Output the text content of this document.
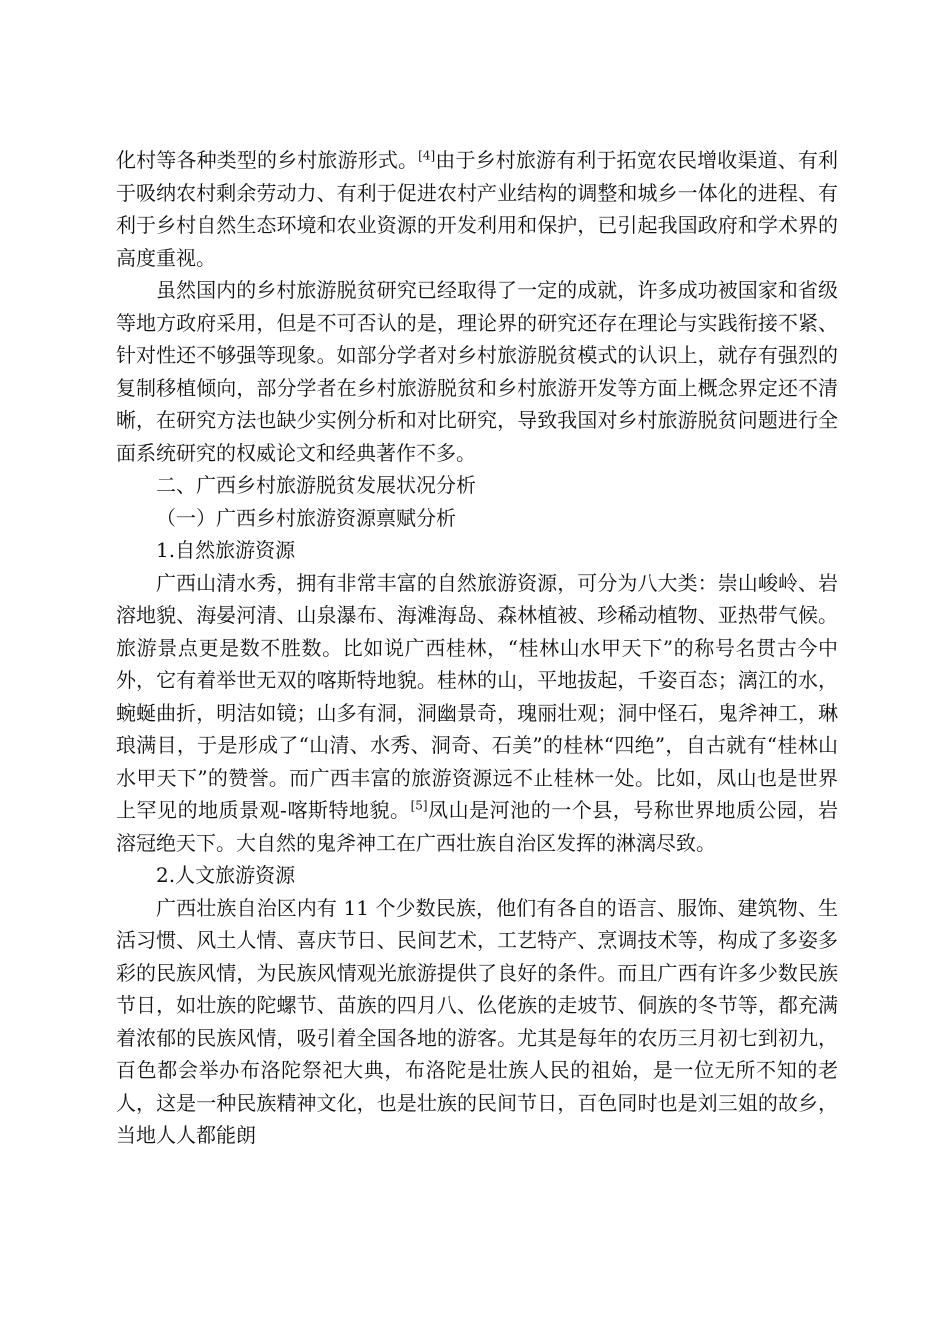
化村等各种类型的乡村旅游形式。[4]由于乡村旅游有利于拓宽农民增收渠道、有利于吸纳农村剩余劳动力、有利于促进农村产业结构的调整和城乡一体化的进程、有利于乡村自然生态环境和农业资源的开发利用和保护，已引起我国政府和学术界的高度重视。

虽然国内的乡村旅游脱贫研究已经取得了一定的成就，许多成功被国家和省级等地方政府采用，但是不可否认的是，理论界的研究还存在理论与实践衔接不紧、针对性还不够强等现象。如部分学者对乡村旅游脱贫模式的认识上，就存有强烈的复制移植倾向，部分学者在乡村旅游脱贫和乡村旅游开发等方面上概念界定还不清晰，在研究方法也缺少实例分析和对比研究，导致我国对乡村旅游脱贫问题进行全面系统研究的权威论文和经典著作不多。

二、广西乡村旅游脱贫发展状况分析

（一）广西乡村旅游资源禀赋分析

1.自然旅游资源

广西山清水秀，拥有非常丰富的自然旅游资源，可分为八大类：崇山峻岭、岩溶地貌、海晏河清、山泉瀑布、海滩海岛、森林植被、珍稀动植物、亚热带气候。旅游景点更是数不胜数。比如说广西桂林，“桂林山水甲天下”的称号名贯古今中外，它有着举世无双的喀斯特地貌。桂林的山，平地拔起，千姿百态；漓江的水，蜿蜒曲折，明洁如镜；山多有洞，洞幽景奇，瑰丽壮观；洞中怪石，鬼斧神工，琳琅满目，于是形成了“山清、水秀、洞奇、石美”的桂林“四绝”，自古就有“桂林山水甲天下”的赞誉。而广西丰富的旅游资源远不止桂林一处。比如，凤山也是世界上罕见的地质景观-喀斯特地貌。[5]凤山是河池的一个县，号称世界地质公园，岩溶冠绝天下。大自然的鬼斧神工在广西壮族自治区发挥的淋漓尽致。

2.人文旅游资源

广西壮族自治区内有 11 个少数民族，他们有各自的语言、服饰、建筑物、生活习惯、风土人情、喜庆节日、民间艺术，工艺特产、烹调技术等，构成了多姿多彩的民族风情，为民族风情观光旅游提供了良好的条件。而且广西有许多少数民族节日，如壮族的陀螺节、苗族的四月八、仫佬族的走坡节、侗族的冬节等，都充满着浓郁的民族风情，吸引着全国各地的游客。尤其是每年的农历三月初七到初九，百色都会举办布洛陀祭祀大典，布洛陀是壮族人民的祖始，是一位无所不知的老人，这是一种民族精神文化，也是壮族的民间节日，百色同时也是刘三姐的故乡，当地人人都能朗
